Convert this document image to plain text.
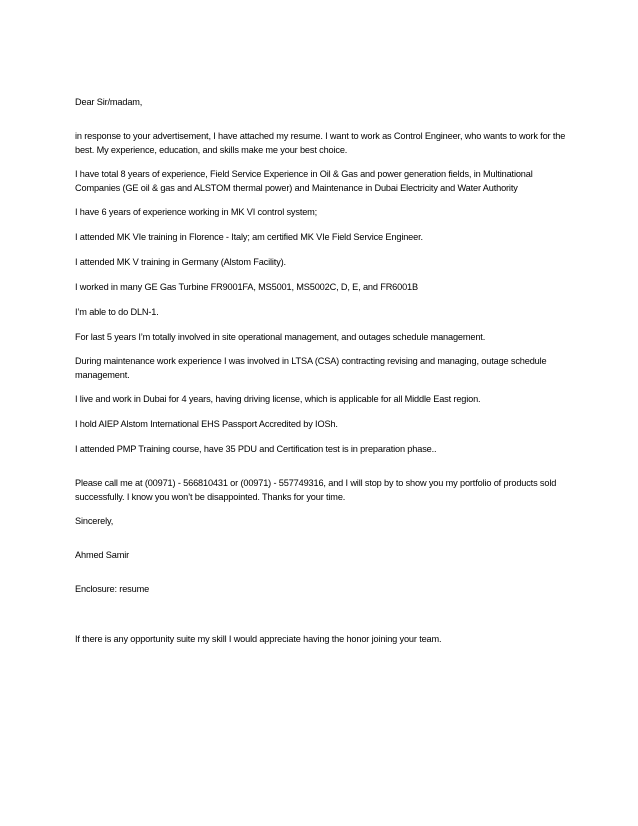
Dear Sir/madam,

in response to your advertisement, I have attached my resume. I want to work as Control Engineer, who wants to work for the best. My experience, education, and skills make me your best choice.

I have total 8 years of experience, Field Service Experience in Oil & Gas and power generation fields, in Multinational Companies (GE oil & gas and ALSTOM thermal power) and Maintenance in Dubai Electricity and Water Authority

I have 6 years of experience working in MK VI control system;

I attended MK VIe training in Florence - Italy; am certified MK VIe Field Service Engineer.

I attended MK V training in Germany (Alstom Facility).

I worked in many GE Gas Turbine FR9001FA, MS5001, MS5002C, D, E, and FR6001B

I’m able to do DLN-1.

For last 5 years I’m totally involved in site operational management, and outages schedule management.

During maintenance work experience I was involved in LTSA (CSA) contracting revising and managing, outage schedule management.

I live and work in Dubai for 4 years, having driving license, which is applicable for all Middle East region.

I hold AIEP Alstom International EHS Passport Accredited by IOSh.

I attended PMP Training course, have 35 PDU and Certification test is in preparation phase..

Please call me at (00971) - 566810431 or (00971) - 557749316, and I will stop by to show you my portfolio of products sold successfully. I know you won’t be disappointed. Thanks for your time.

Sincerely,

Ahmed Samir

Enclosure: resume

If there is any opportunity suite my skill I would appreciate having the honor joining your team.
